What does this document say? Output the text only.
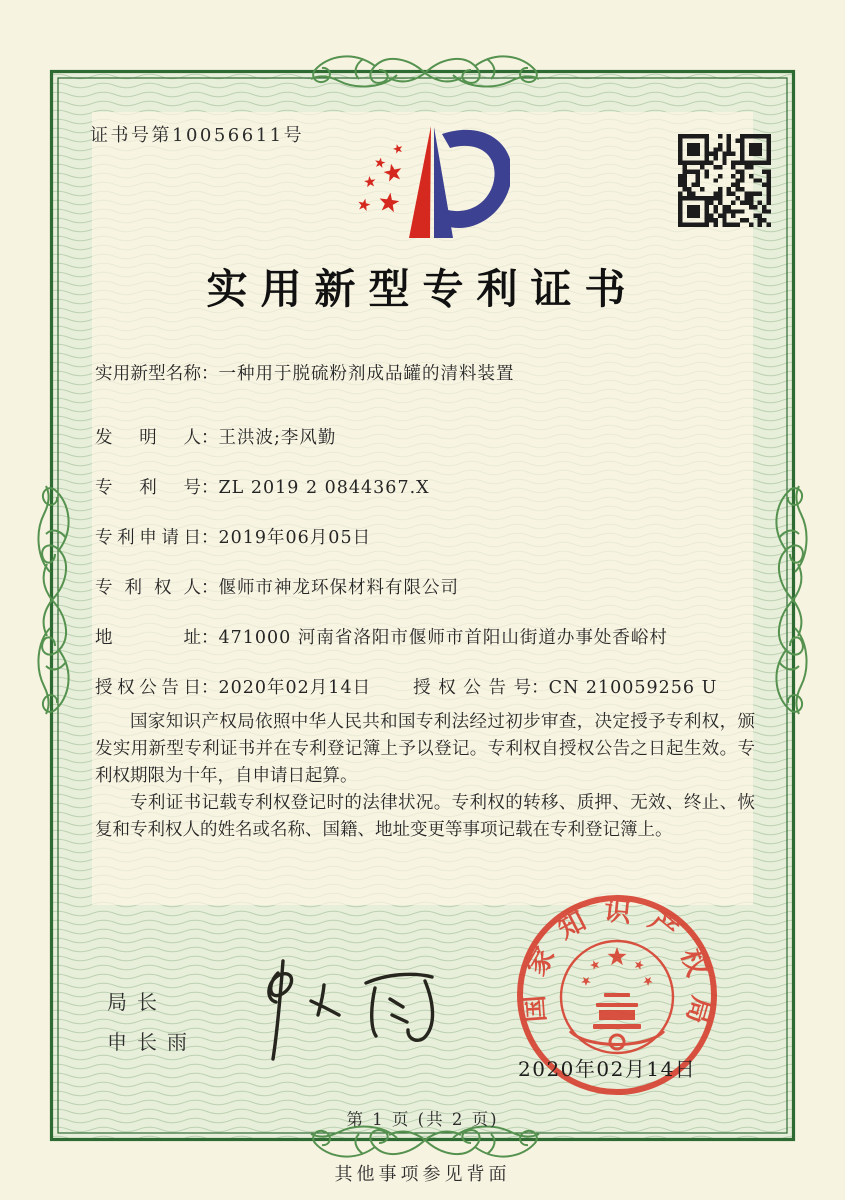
证书号第10056611号
实用新型专利证书
实用新型名称：一种用于脱硫粉剂成品罐的清料装置
发明人：王洪波;李风勤
专利号：ZL 2019 2 0844367.X
专利申请日：2019年06月05日
专利权人：偃师市神龙环保材料有限公司
地址：471000 河南省洛阳市偃师市首阳山街道办事处香峪村
授权公告日：2020年02月14日 授权公告号：CN 210059256 U

国家知识产权局依照中华人民共和国专利法经过初步审查，决定授予专利权，颁发实用新型专利证书并在专利登记簿上予以登记。专利权自授权公告之日起生效。专利权期限为十年，自申请日起算。

专利证书记载专利权登记时的法律状况。专利权的转移、质押、无效、终止、恢复和专利权人的姓名或名称、国籍、地址变更等事项记载在专利登记簿上。

局长
申长雨
国家知识产权局
2020年02月14日
第 1 页 (共 2 页)
其他事项参见背面
